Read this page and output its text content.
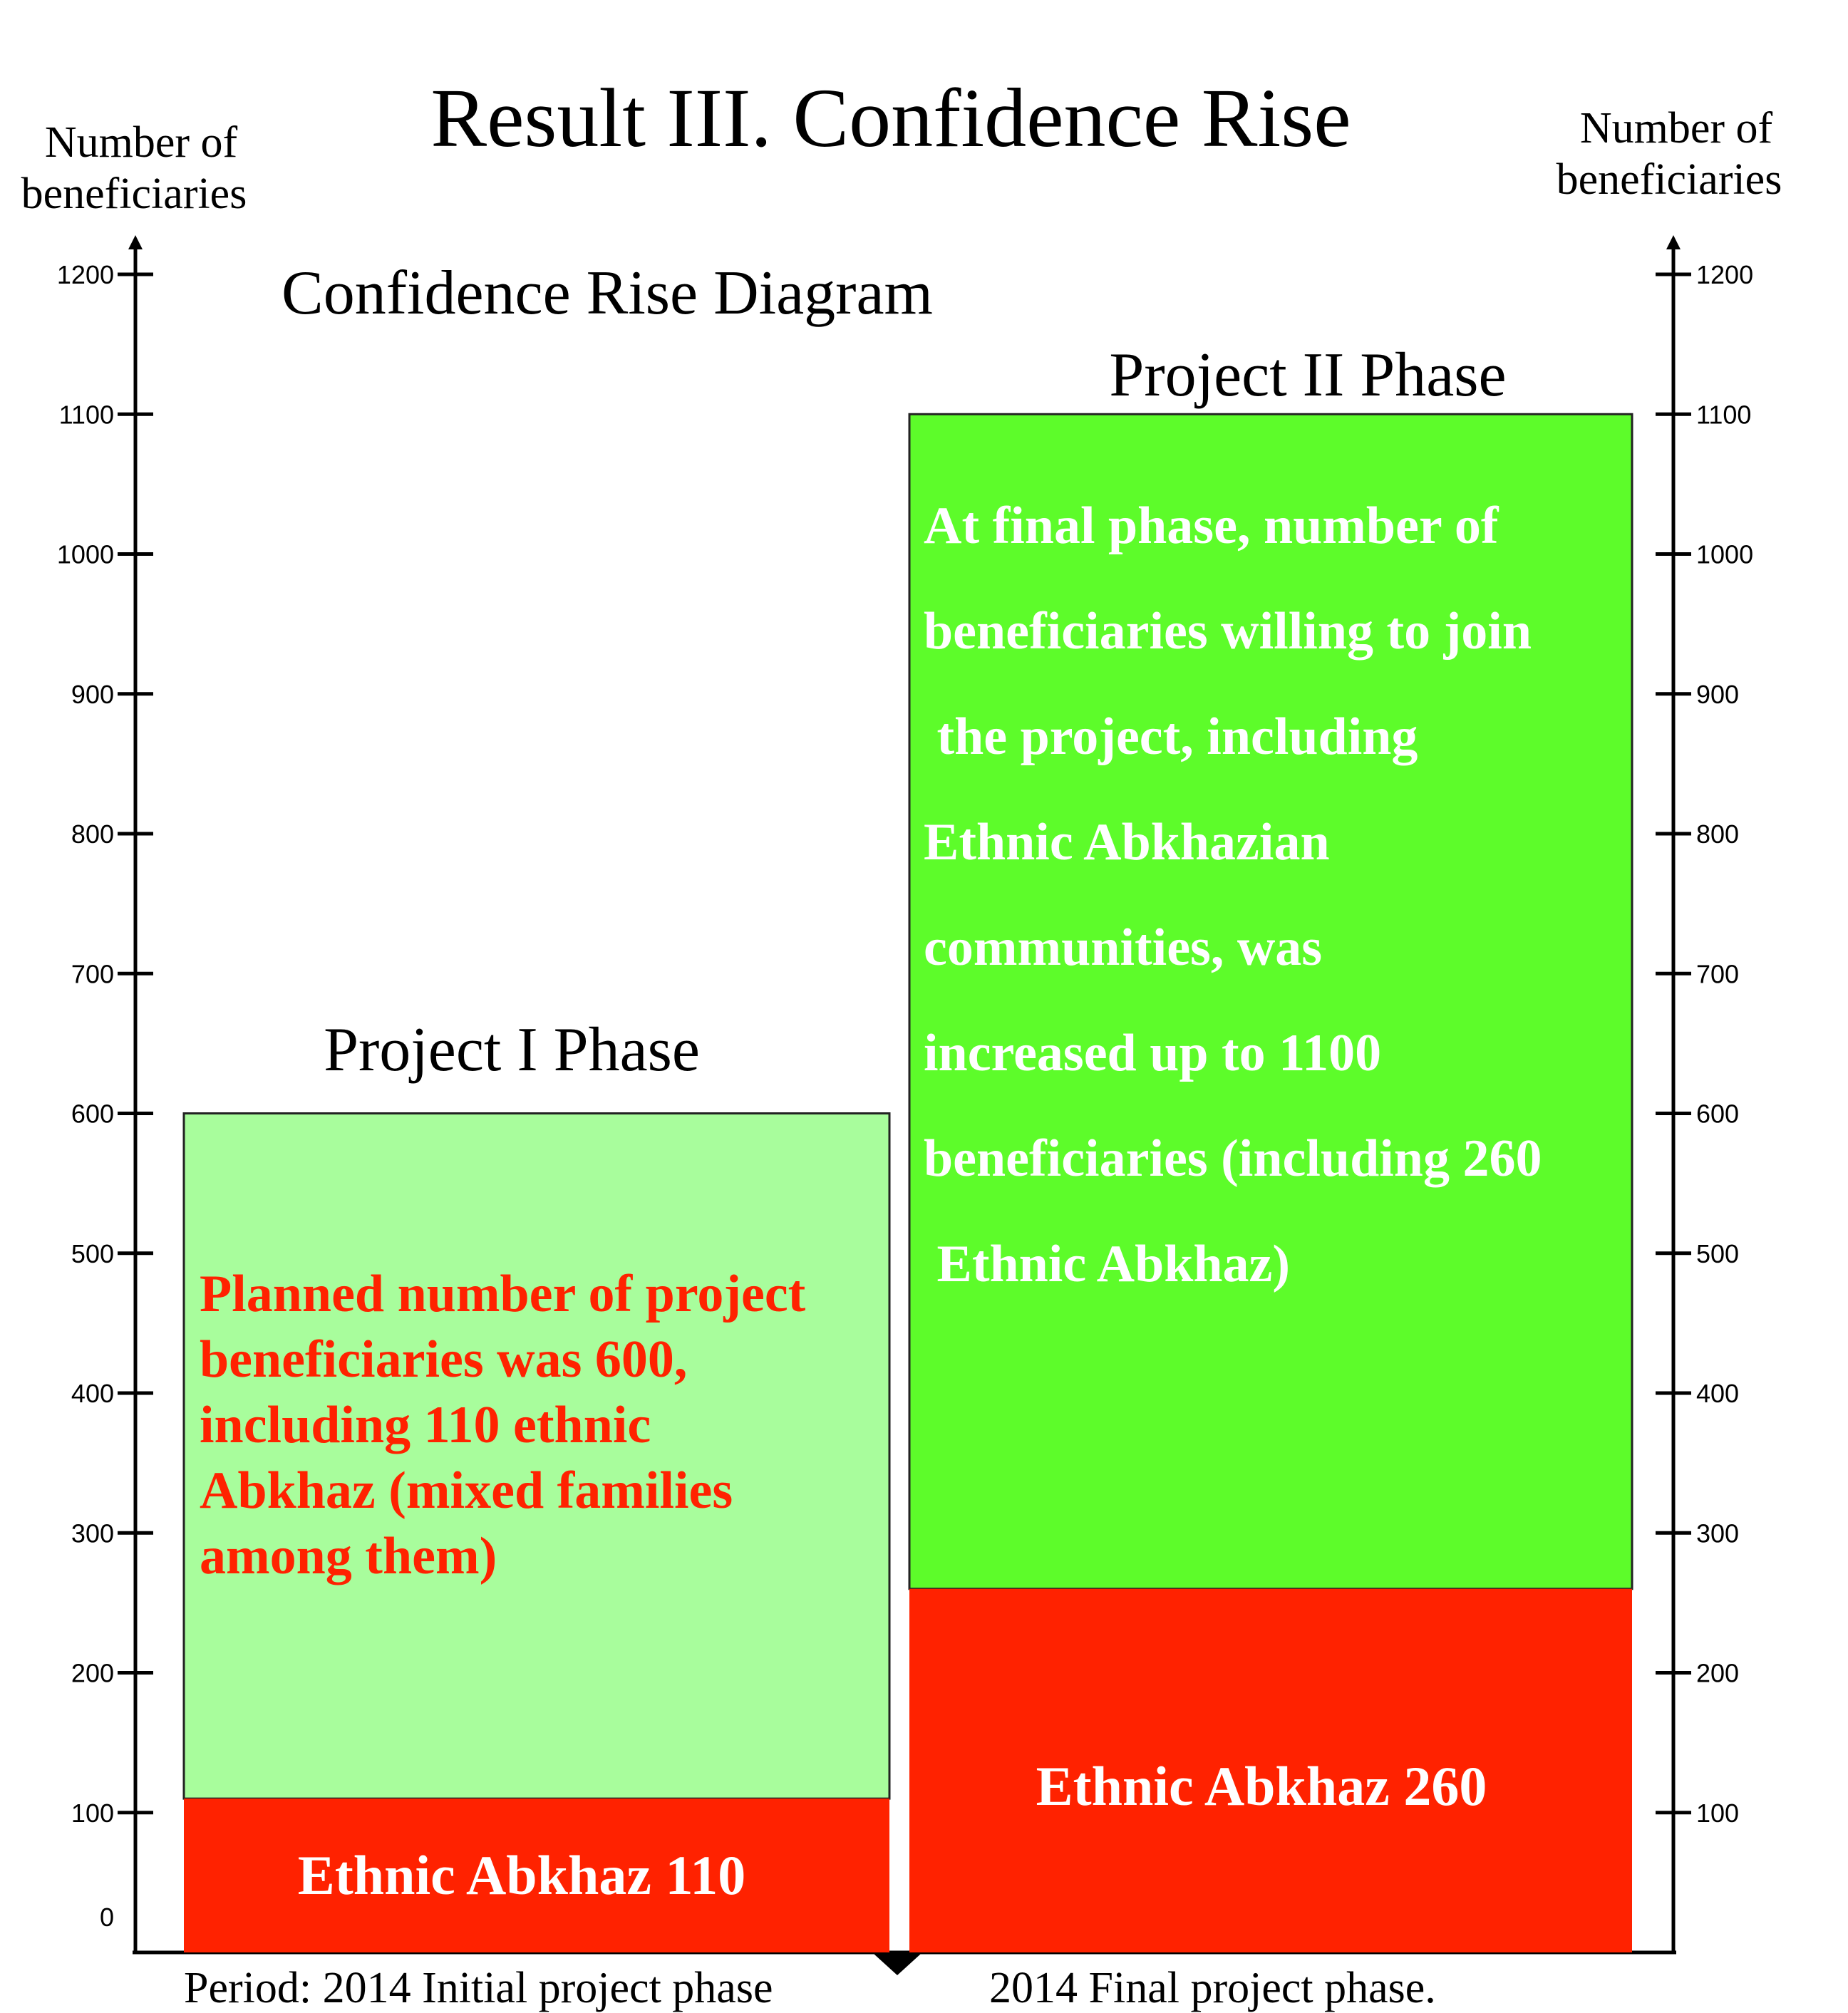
Result III. Confidence Rise
Confidence Rise Diagram
Number of
beneficiaries
Number of
beneficiaries
0
100
200
300
400
500
600
700
800
900
1000
1100
1200
100
200
300
400
500
600
700
800
900
1000
1100
1200
Project I Phase
Project II Phase
Ethnic Abkhaz 110
Ethnic Abkhaz 260
Planned number of project
beneficiaries was 600,
including 110 ethnic
Abkhaz (mixed families
among them)
At final phase, number of
beneficiaries willing to join
the project, including
Ethnic Abkhazian
communities, was
increased up to 1100
beneficiaries (including 260
Ethnic Abkhaz)
Period: 2014 Initial project phase	2014 Final project phase.
